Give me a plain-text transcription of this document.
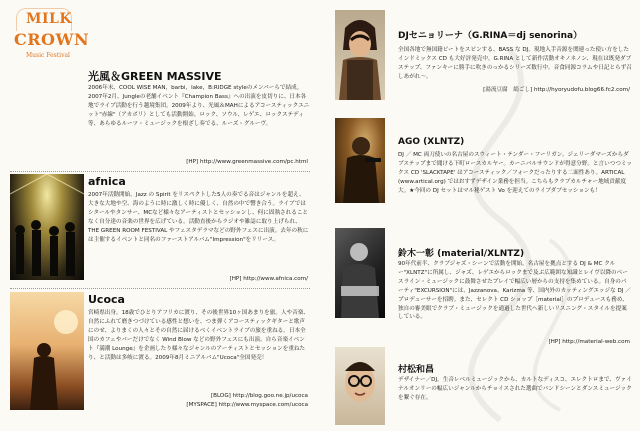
MILK
CROWN
Music Festival
光風＆GREEN MASSIVE
2006年末、COOL WISE MAN，barbi，lake，B:RIDGE styleのメンバーらで結成。2007年2月、Jungleの老舗イベント『Champion Bass』への出演を皮切りに、日本各地でライブ活動を行う越境集団。2009年より、光風＆MAHによるアコースティックユニット"赤線"（アカボリ）としても活動開始。ロック、ソウル、レゲエ、ロックステディ等、あらゆるルーツ・ミュージックを根ざし奏でる、ルーズ・グルーヴ。
[HP] http://www.greenmassive.com/pc.html
afnica
2007年活動開始。Jazz の Spirit をリスペクトした5人の奏でる音はジャンルを超え、大きな大地や空、海のように時に激しく時に優しく、自然の中で響き合う。ライブではシタールやタンサー、MCなど様々なアーティストとセッションし、何に固執されることなく自分達の音楽の世界を広げている。活動直後からラジオや雑誌に取り上げられ、THE GREEN ROOM FESTIVAL やフェスタデラマなどの野外フェスに出演。去年の秋には主催するイベントと同名のファーストアルバム"Impression"をリリース。
[HP] http://www.afnica.com/
Ucoca
宮崎県出身。18歳でひとりアフリカに渡り、その後世界10ヶ国あまりを旅。人や音楽、自然にふれて磨きつづけている感性と想いを、つま弾くアコースティックギターと歌声にのせ、よりまくの人々とその自然に届けるべくイベントライブの旅を重ねる。日本全国のカフェやバーだけでなく Wind Blow などの野外フェスにも出演。自ら音楽イベント『満潮 Lounge』を企画したり様々なジャンルのアーティストとセッションを重ねたり、と活動は多岐に渡る。2009年8月ミニアルバム"Ucoca"全国発売！
[BLOG] http://blog.goo.ne.jp/ucoca
[MYSPACE] http://www.myspace.com/ucoca
DJセニョリーナ（G.RINA＝dj senorina）
全国各地で無国籍ビートをスピンする、BASS な DJ。現地入手音源を関連った使い方をしたインドミックス CD も大好評発売中。G.RINA として新作活動オキノネノン、現在は既発ダブステップ、ファンキーに勝手に吹きのっかるシリーズ数行中。音食同源コラムや日記とらず召しあがれ～。
[湯流豆腐　絹ごし] http://hyoryudofu.blog66.fc2.com/
AGO (XLNTZ)
DJ ／ MC 両刀使いの名古屋のスウィート・テンダー・フーリガン。ジェリーダマーズからダブステップまで聞ける下町ロースカルヤー。カーニバルサウンドが得意分野。と言いつつミックス CD 'SLACKTAPE' はアコースティック／フォークだったりする二面性あり。ARTICAL (www.artical.org) ではおすずデザイン業務を担当。こちらもクラブカルチャー地域貢献度大。★今回の DJ セットはマル秘ゲスト Vo を迎えてのライブダブセッションも！
鈴木一彰 (material/XLNTZ)
90年代前半、クラブジャズ・シーンで活動を開始。名古屋を拠点とする DJ & MC クルー"XLNTZ"に所属し、ジャズ、レゲエからロックまで及ぶ広範囲な知識とレイヴ以降のベースライン・ミュージックに鼓舞させたプレイで幅広い層からの支持を集めている。自身のパーティ"EXCURSION"には、Jazzanova、Karizma 等、国内外のカッティングエッジな DJ ／プロデューサーを招聘。また、セレクト CD ショップ［material］のプロデュースも務め、独自の審美眼でクラブ・ミュージックを通過した世代へ新しいリスニング・スタイルを提案している。
[HP] http://material-web.com
村松和昌
デザイナー／DJ。生音レベルミュージックから、カルトなディスコ、エレクトロまで、ヴァイナルオンリーの幅広いジャンルからチョイスされた選曲でバンドシーンとダンスミュージックを繋ぐ存在。
